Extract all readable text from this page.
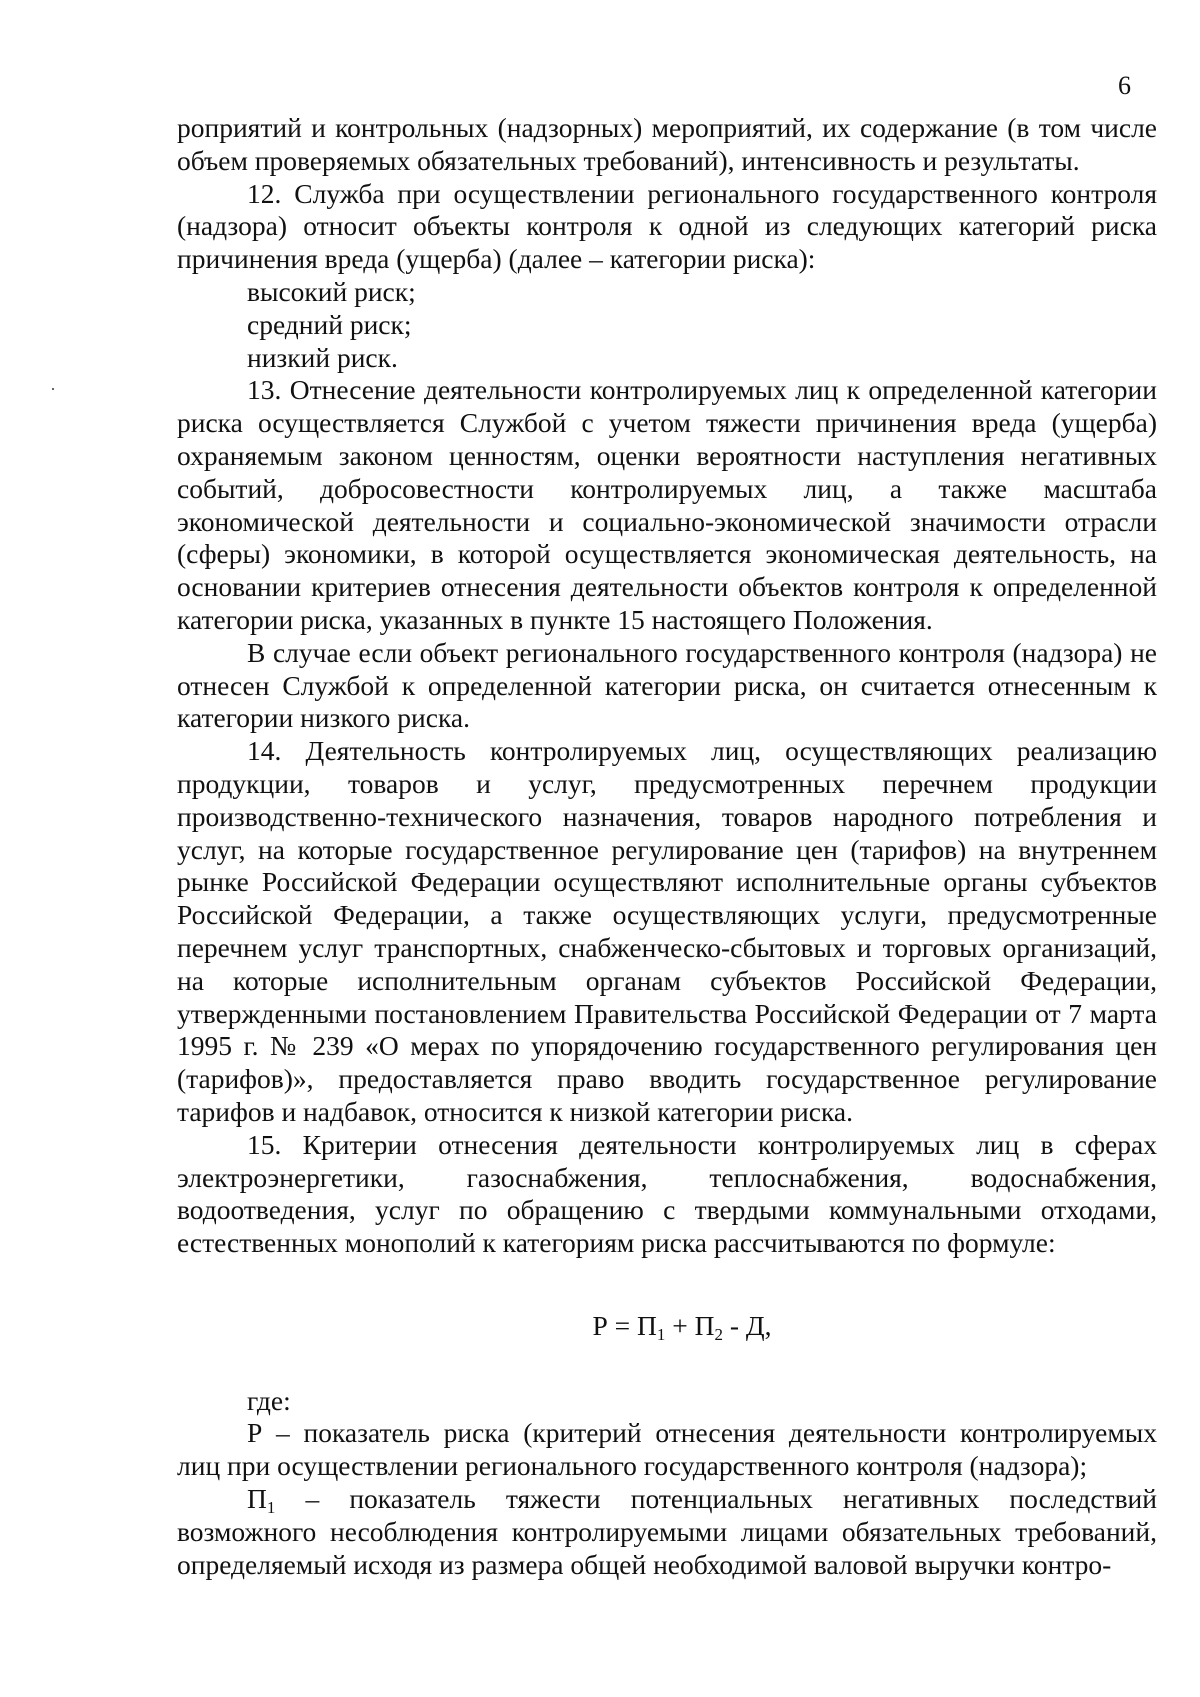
6

роприятий и контрольных (надзорных) мероприятий, их содержание (в том числе объем проверяемых обязательных требований), интенсивность и результаты.

12. Служба при осуществлении регионального государственного контроля (надзора) относит объекты контроля к одной из следующих категорий риска причинения вреда (ущерба) (далее – категории риска):

высокий риск;

средний риск;

низкий риск.

13. Отнесение деятельности контролируемых лиц к определенной категории риска осуществляется Службой с учетом тяжести причинения вреда (ущерба) охраняемым законом ценностям, оценки вероятности наступления негативных событий, добросовестности контролируемых лиц, а также масштаба экономической деятельности и социально-экономической значимости отрасли (сферы) экономики, в которой осуществляется экономическая деятельность, на основании критериев отнесения деятельности объектов контроля к определенной категории риска, указанных в пункте 15 настоящего Положения.

В случае если объект регионального государственного контроля (надзора) не отнесен Службой к определенной категории риска, он считается отнесенным к категории низкого риска.

14. Деятельность контролируемых лиц, осуществляющих реализацию продукции, товаров и услуг, предусмотренных перечнем продукции производственно-технического назначения, товаров народного потребления и услуг, на которые государственное регулирование цен (тарифов) на внутреннем рынке Российской Федерации осуществляют исполнительные органы субъектов Российской Федерации, а также осуществляющих услуги, предусмотренные перечнем услуг транспортных, снабженческо-сбытовых и торговых организаций, на которые исполнительным органам субъектов Российской Федерации, утвержденными постановлением Правительства Российской Федерации от 7 марта 1995 г. № 239 «О мерах по упорядочению государственного регулирования цен (тарифов)», предоставляется право вводить государственное регулирование тарифов и надбавок, относится к низкой категории риска.

15. Критерии отнесения деятельности контролируемых лиц в сферах электроэнергетики, газоснабжения, теплоснабжения, водоснабжения, водоотведения, услуг по обращению с твердыми коммунальными отходами, естественных монополий к категориям риска рассчитываются по формуле:

$Р = П_1 + П_2 - Д$,

где:

Р – показатель риска (критерий отнесения деятельности контролируемых лиц при осуществлении регионального государственного контроля (надзора);

$П_1$ – показатель тяжести потенциальных негативных последствий возможного несоблюдения контролируемыми лицами обязательных требований, определяемый исходя из размера общей необходимой валовой выручки контро-
